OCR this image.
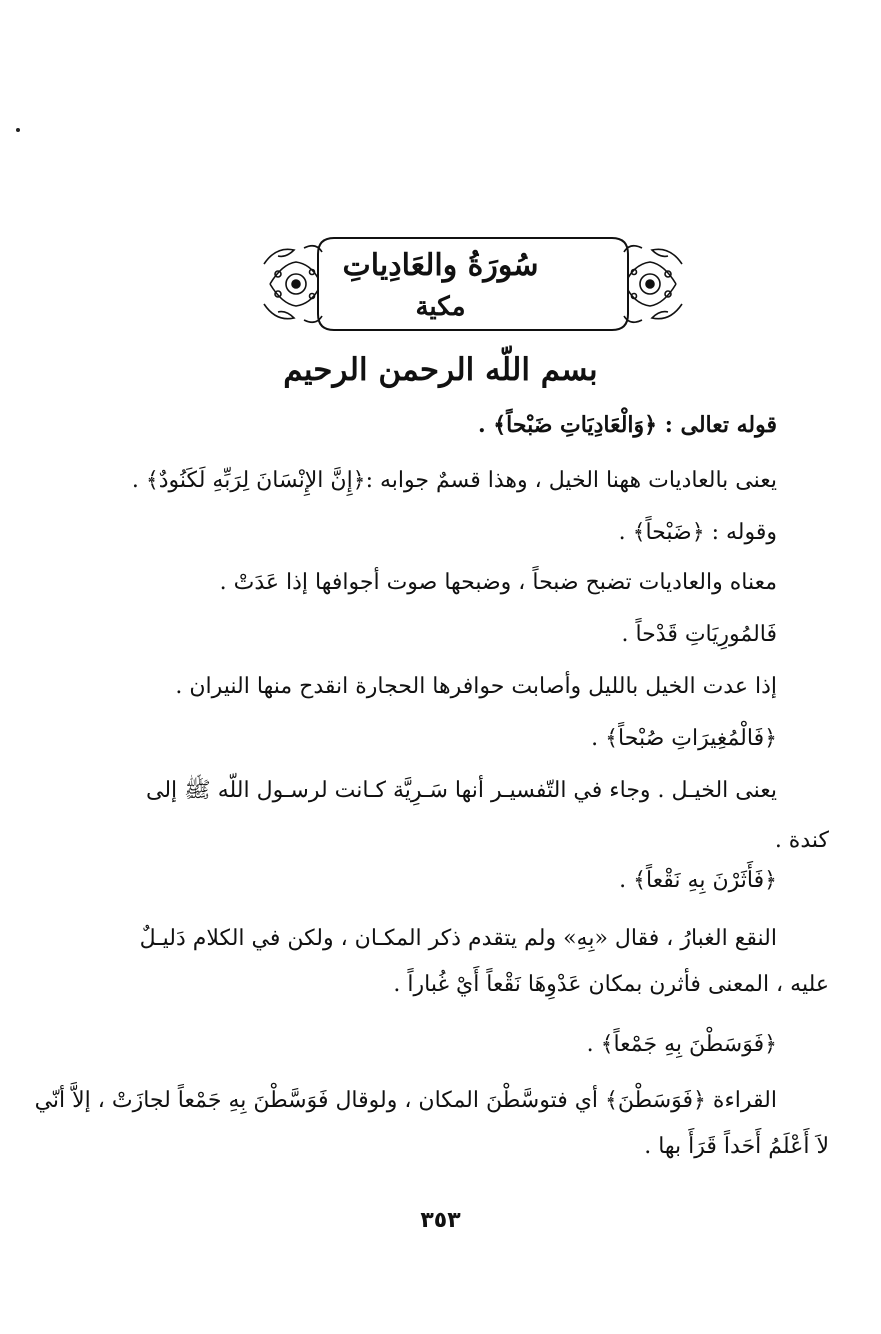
سُورَةُ والعَادِياتِ
مكية
بسم اللّه الرحمن الرحيم
قوله تعالى : ﴿وَالْعَادِيَاتِ ضَبْحاً﴾ .
يعنى بالعاديات ههنا الخيل ، وهذا قسمٌ جوابه :﴿إِنَّ الإِنْسَانَ لِرَبِّهِ لَكَنُودٌ﴾ .
وقوله : ﴿ضَبْحاً﴾ .
معناه والعاديات تضبح ضبحاً ، وضبحها صوت أجوافها إذا عَدَتْ .
فَالمُورِيَاتِ قَدْحاً .
إذا عدت الخيل بالليل وأصابت حوافرها الحجارة انقدح منها النيران .
﴿فَالْمُغِيرَاتِ صُبْحاً﴾ .
يعنى الخيـل . وجاء في التّفسيـر أنها سَـرِيَّة كـانت لرسـول اللّه ﷺ إلى
كندة .
﴿فَأَثَرْنَ بِهِ نَقْعاً﴾ .
النقع الغبارُ ، فقال «بِهِ» ولم يتقدم ذكر المكـان ، ولكن في الكلام دَليـلٌ
عليه ، المعنى فأثرن بمكان عَدْوِهَا نَقْعاً أَيْ غُباراً .
﴿فَوَسَطْنَ بِهِ جَمْعاً﴾ .
القراءة ﴿فَوَسَطْنَ﴾ أي فتوسَّطْنَ المكان ، ولوقال فَوَسَّطْنَ بِهِ جَمْعاً لجازَتْ ، إلاَّ أنّي
لاَ أَعْلَمُ أَحَداً قَرَأَ بها .
٣٥٣
